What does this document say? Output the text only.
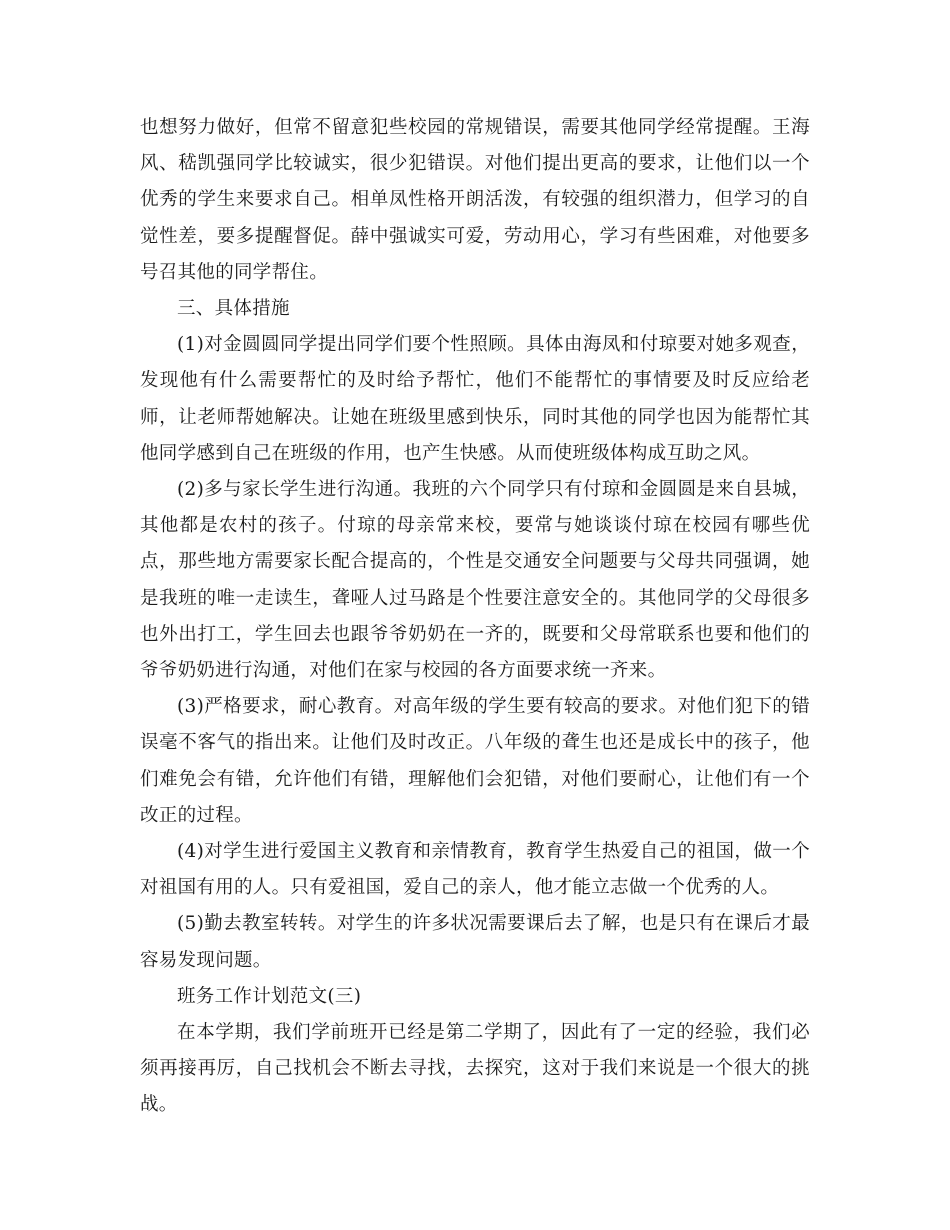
也想努力做好，但常不留意犯些校园的常规错误，需要其他同学经常提醒。王海风、嵇凯强同学比较诚实，很少犯错误。对他们提出更高的要求，让他们以一个优秀的学生来要求自己。相单凤性格开朗活泼，有较强的组织潜力，但学习的自觉性差，要多提醒督促。薛中强诚实可爱，劳动用心，学习有些困难，对他要多号召其他的同学帮住。

三、具体措施

(1)对金圆圆同学提出同学们要个性照顾。具体由海凤和付琼要对她多观查，发现他有什么需要帮忙的及时给予帮忙，他们不能帮忙的事情要及时反应给老师，让老师帮她解决。让她在班级里感到快乐，同时其他的同学也因为能帮忙其他同学感到自己在班级的作用，也产生快感。从而使班级体构成互助之风。

(2)多与家长学生进行沟通。我班的六个同学只有付琼和金圆圆是来自县城，其他都是农村的孩子。付琼的母亲常来校，要常与她谈谈付琼在校园有哪些优点，那些地方需要家长配合提高的，个性是交通安全问题要与父母共同强调，她是我班的唯一走读生，聋哑人过马路是个性要注意安全的。其他同学的父母很多也外出打工，学生回去也跟爷爷奶奶在一齐的，既要和父母常联系也要和他们的爷爷奶奶进行沟通，对他们在家与校园的各方面要求统一齐来。

(3)严格要求，耐心教育。对高年级的学生要有较高的要求。对他们犯下的错误毫不客气的指出来。让他们及时改正。八年级的聋生也还是成长中的孩子，他们难免会有错，允许他们有错，理解他们会犯错，对他们要耐心，让他们有一个改正的过程。

(4)对学生进行爱国主义教育和亲情教育，教育学生热爱自己的祖国，做一个对祖国有用的人。只有爱祖国，爱自己的亲人，他才能立志做一个优秀的人。

(5)勤去教室转转。对学生的许多状况需要课后去了解，也是只有在课后才最容易发现问题。

班务工作计划范文(三)

在本学期，我们学前班开已经是第二学期了，因此有了一定的经验，我们必须再接再厉，自己找机会不断去寻找，去探究，这对于我们来说是一个很大的挑战。
